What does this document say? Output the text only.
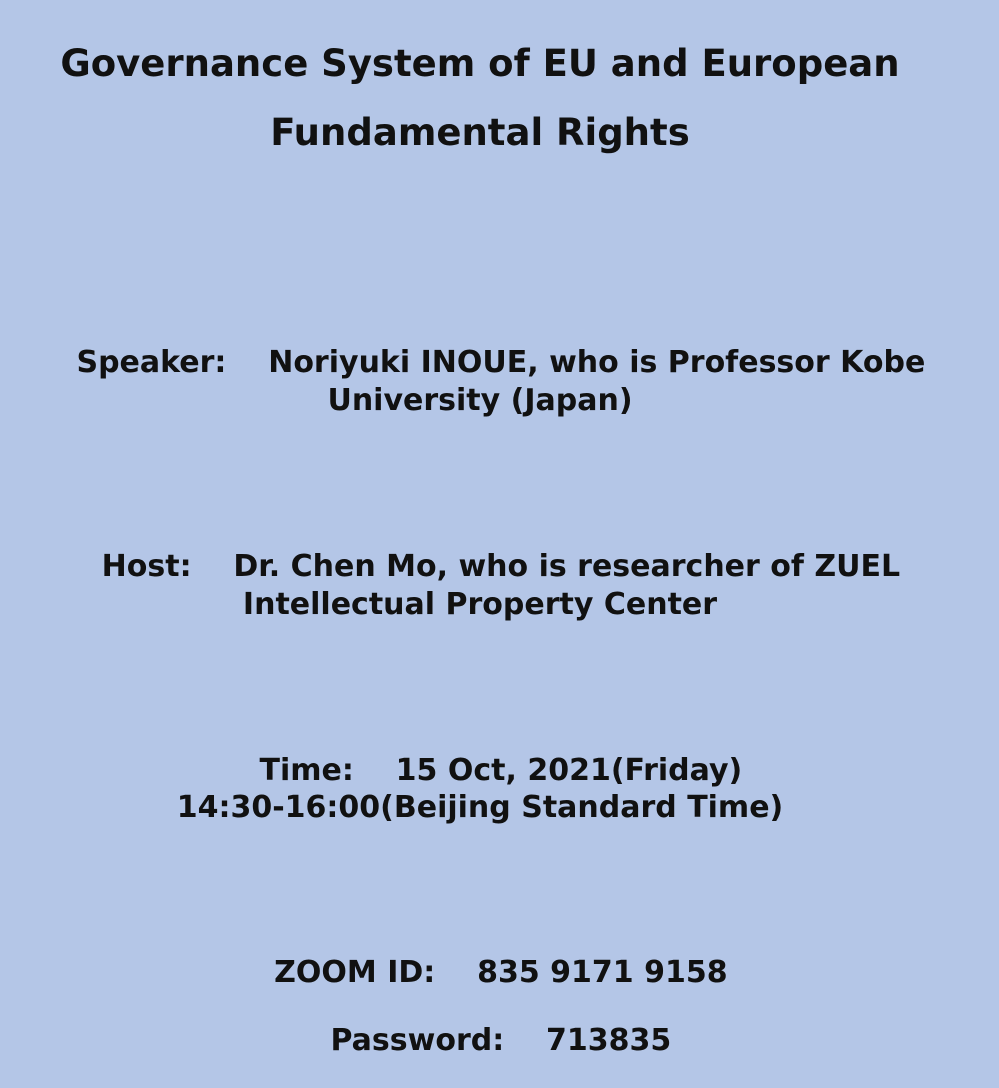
Governance System of EU and European
Fundamental Rights

Speaker: Noriyuki INOUE, who is Professor Kobe

University (Japan)

Host: Dr. Chen Mo, who is researcher of ZUEL

Intellectual Property Center

Time: 15 Oct, 2021(Friday)

14:30-16:00(Beijing Standard Time)

ZOOM ID: 835 9171 9158

Password: 713835
